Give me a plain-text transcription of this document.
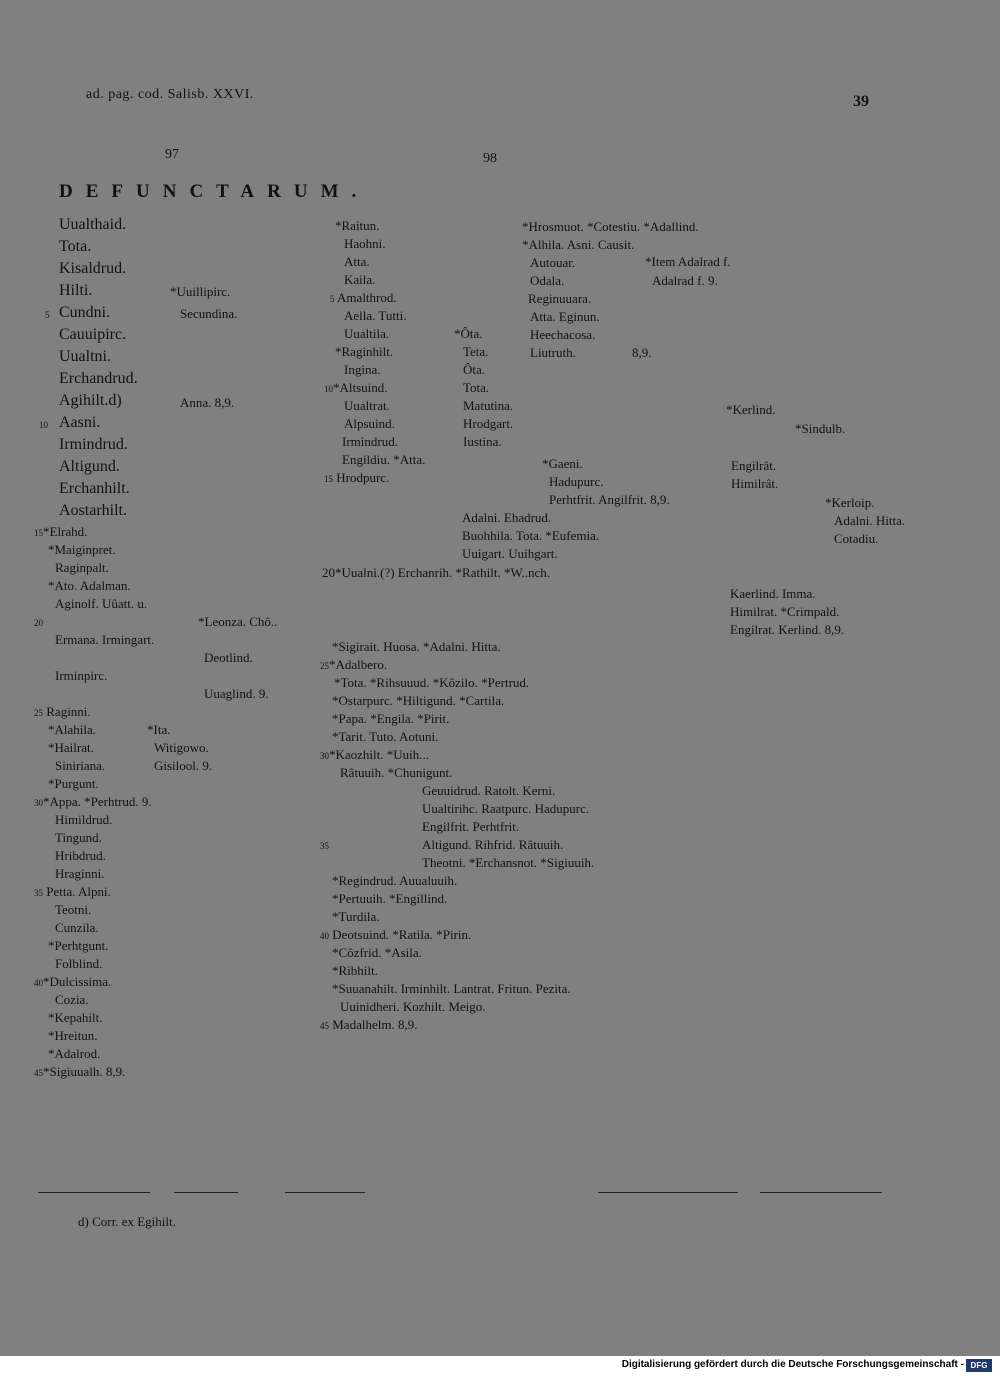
ad. pag. cod. Salisb. XXVI.	39
97	98
DEFUNCTARUM.
Uualthaid.
Tota.
Kisaldrud.
Hilti.
5 Cundni.
Cauuipirc.
Uualtni.
Erchandrud.
Agihilt.d)
10 Aasni.
Irmindrud.
Altigund.
Erchanhilt.
Aostarhilt.
*Uuillipirc.
Secundina.
Anna. 8,9.
15*Elrahd.
*Maiginpret.
Raginpalt.
*Ato. Adalman.
Aginolf. Uûatt. u.
20	*Leonza. Chô..
Ermana. Irmingart.
Deotlind.
Irminpirc.
Uuaglind. 9.
25 Raginni.
*Alahila.	*Ita.
*Hailrat.	Witigowo.
Siniriana.	Gisilool. 9.
*Purgunt.
30*Appa. *Perhtrud. 9.
Himildrud.
Tingund.
Hribdrud.
Hraginni.
35 Petta. Alpni.
Teotni.
Cunzila.
*Perhtgunt.
Folblind.
40*Dulcissima.
Cozia.
*Kepahilt.
*Hreitun.
*Adalrod.
45*Sigiuualh. 8,9.
*Raitun.
Haohni.
Atta.
Kaila.
5 Amalthrod.
Aella. Tutti.
Uualtila.	*Ôta.
*Raginhilt.	Teta.
Ingina.	Ôta.
10*Altsuind.	Tota.
Uualtrat.	Matutina.
Alpsuind.	Hrodgart.
Irmindrud.	Iustina.
Engildiu. *Atta.
15 Hrodpurc.
Adalni. Ehadrud.
Buohhila. Tota. *Eufemia.
Uuigart. Uuihgart.
20*Uualni.(?) Erchanrih. *Rathilt. *W..nch.
*Hrosmuot. *Cotestiu. *Adallind.
*Alhila. Asni. Causit.
Autouar.
Odala.
Reginuuara.
Atta. Eginun.
Heechacosa.
Liutruth.
*Item Adalrad f.
Adalrad f. 9.
8,9.
*Gaeni.
Hadupurc.
Perhtfrit. Angilfrit. 8,9.
*Kerlind.
*Sindulb.
Engilrât.
Himilrât.
*Kerloip.
Adalni. Hitta.
Cotadiu.
Kaerlind. Imma.
Himilrat. *Crimpald.
Engilrat. Kerlind. 8,9.
*Sigirait. Huosa. *Adalni. Hitta.
25*Adalbero.
*Tota. *Rihsuuud. *Kôzilo. *Pertrud.
*Ostarpurc. *Hiltigund. *Cartila.
*Papa. *Engila. *Pirit.
*Tarit. Tuto. Aotuni.
30*Kaozhilt. *Uuih...
Râtuuih. *Chunigunt.
Geuuidrud. Ratolt. Kerni.
Uualtirihc. Raatpurc. Hadupurc.
Engilfrit. Perhtfrit.
35	Altigund. Rihfrid. Râtuuih.
Theotni. *Erchansnot. *Sigiuuih.
*Regindrud. Auualuuih.
*Pertuuih. *Engillind.
*Turdila.
40 Deotsuind. *Ratila. *Pirin.
*Côzfrid. *Asila.
*Ribhilt.
*Suuanahilt. Irminhilt. Lantrat. Fritun. Pezita.
Uuinidheri. Kozhilt. Meigo.
45 Madalhelm. 8,9.
d) Corr. ex Egihilt.
Digitalisierung gefördert durch die Deutsche Forschungsgemeinschaft - DFG
